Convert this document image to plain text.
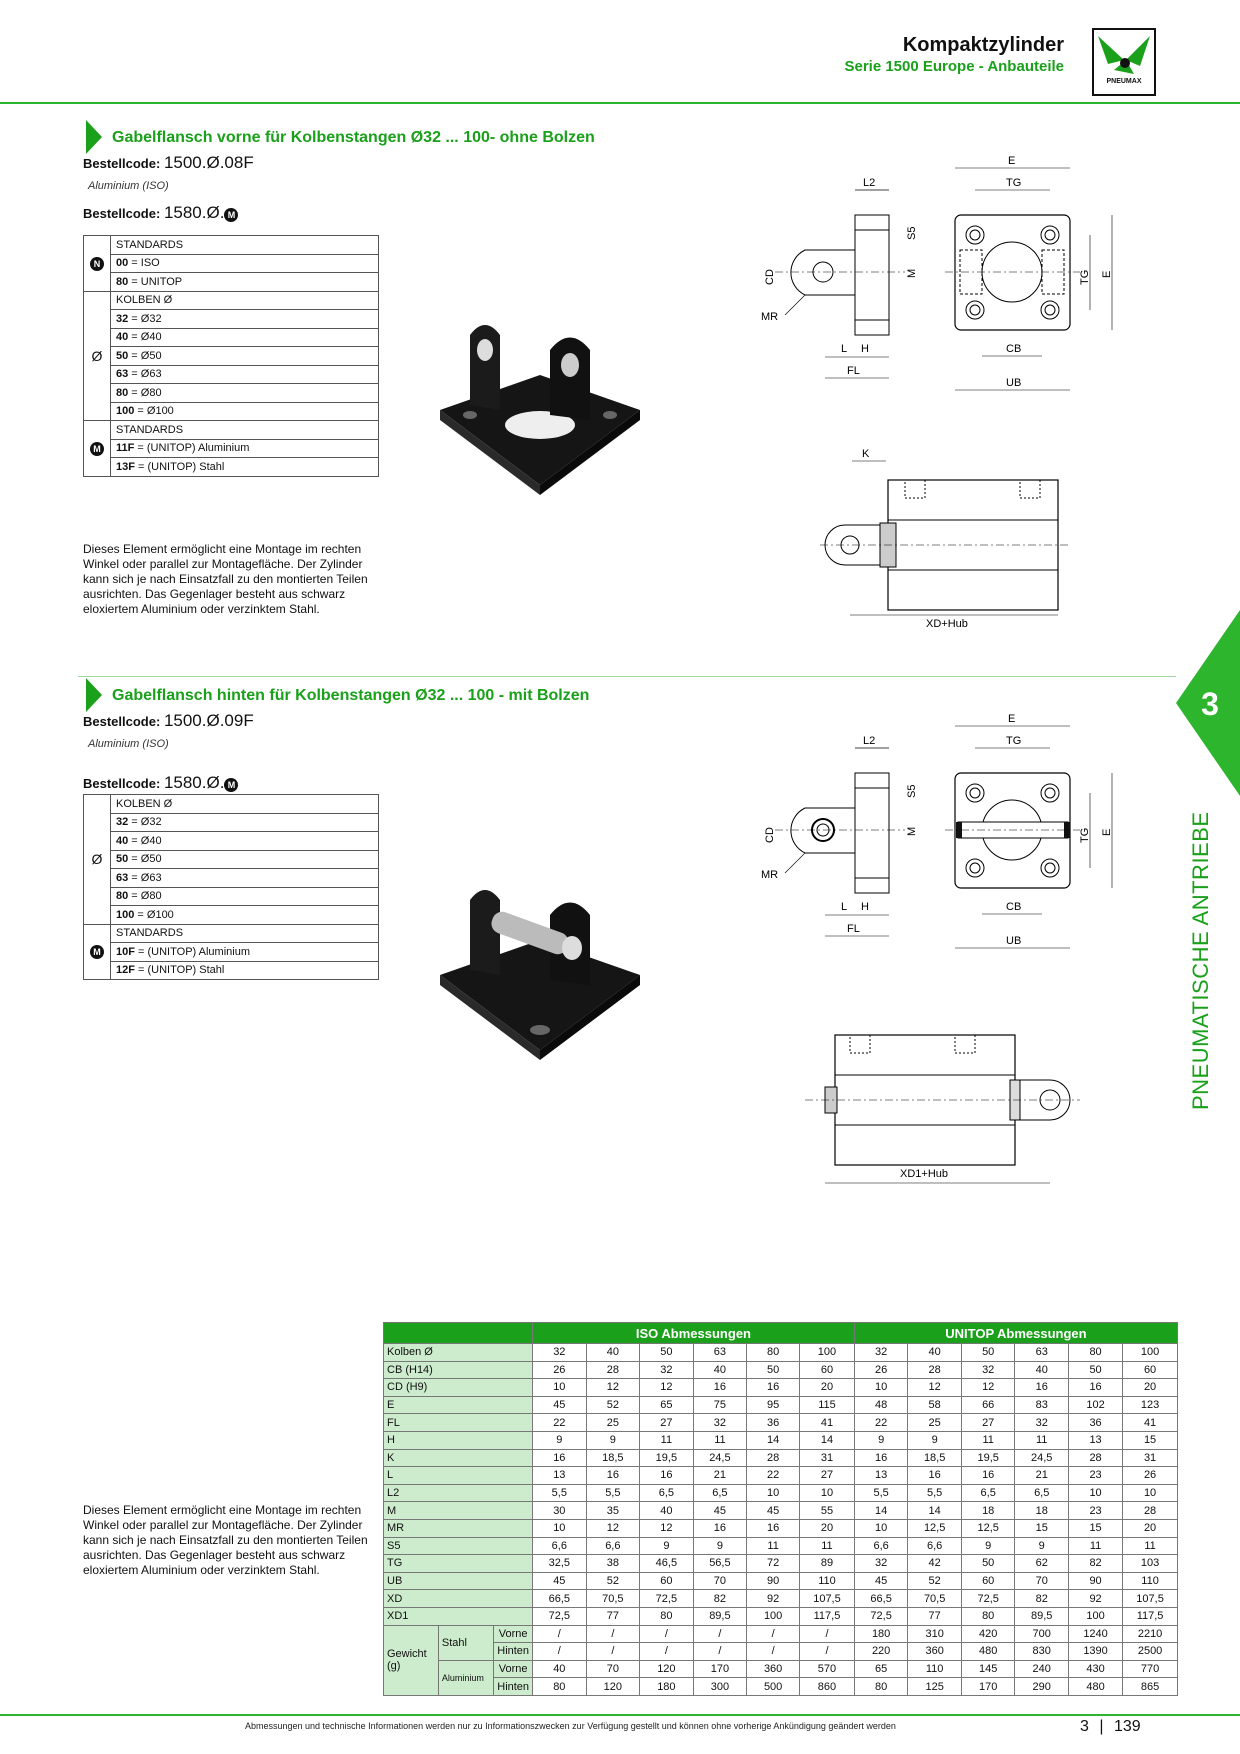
Kompaktzylinder
Serie 1500 Europe - Anbauteile
PNEUMAX
3
PNEUMATISCHE ANTRIEBE
Gabelflansch vorne für Kolbenstangen Ø32 ... 100- ohne Bolzen
Bestellcode: 1500.Ø.08F
Aluminium (ISO)
Bestellcode: 1580.Ø. M
N	STANDARDS
	00 = ISO
	80 = UNITOP
Ø	KOLBEN Ø
	32 = Ø32
	40 = Ø40
	50 = Ø50
	63 = Ø63
	80 = Ø80
	100 = Ø100
M	STANDARDS
	11F = (UNITOP) Aluminium
	13F = (UNITOP) Stahl
Dieses Element ermöglicht eine Montage im rechten Winkel oder parallel zur Montagefläche. Der Zylinder kann sich je nach Einsatzfall zu den montierten Teilen ausrichten. Das Gegenlager besteht aus schwarz eloxiertem Aluminium oder verzinktem Stahl.
L2
CD
S5
M
MR
L H
FL
E
TG
TG E
CB
UB
K
XD+Hub
Gabelflansch hinten für Kolbenstangen Ø32 ... 100 - mit Bolzen
Bestellcode: 1500.Ø.09F
Aluminium (ISO)
Bestellcode: 1580.Ø. M
Ø	KOLBEN Ø
	32 = Ø32
	40 = Ø40
	50 = Ø50
	63 = Ø63
	80 = Ø80
	100 = Ø100
M	STANDARDS
	10F = (UNITOP) Aluminium
	12F = (UNITOP) Stahl
Dieses Element ermöglicht eine Montage im rechten Winkel oder parallel zur Montagefläche. Der Zylinder kann sich je nach Einsatzfall zu den montierten Teilen ausrichten. Das Gegenlager besteht aus schwarz eloxiertem Aluminium oder verzinktem Stahl.
L2
CD
S5
M
MR
L H
FL
E
TG
TG E
CB
UB
XD1+Hub
			ISO Abmessungen						UNITOP Abmessungen					
Kolben Ø			32	40	50	63	80	100	32	40	50	63	80	100
CB (H14)			26	28	32	40	50	60	26	28	32	40	50	60
CD (H9)			10	12	12	16	16	20	10	12	12	16	16	20
E			45	52	65	75	95	115	48	58	66	83	102	123
FL			22	25	27	32	36	41	22	25	27	32	36	41
H			9	9	11	11	14	14	9	9	11	11	13	15
K			16	18,5	19,5	24,5	28	31	16	18,5	19,5	24,5	28	31
L			13	16	16	21	22	27	13	16	16	21	23	26
L2			5,5	5,5	6,5	6,5	10	10	5,5	5,5	6,5	6,5	10	10
M			30	35	40	45	45	55	14	14	18	18	23	28
MR			10	12	12	16	16	20	10	12,5	12,5	15	15	20
S5			6,6	6,6	9	9	11	11	6,6	6,6	9	9	11	11
TG			32,5	38	46,5	56,5	72	89	32	42	50	62	82	103
UB			45	52	60	70	90	110	45	52	60	70	90	110
XD			66,5	70,5	72,5	82	92	107,5	66,5	70,5	72,5	82	92	107,5
XD1			72,5	77	80	89,5	100	117,5	72,5	77	80	89,5	100	117,5
Gewicht (g)	Stahl	Vorne	/	/	/	/	/	/	180	310	420	700	1240	2210
		Hinten	/	/	/	/	/	/	220	360	480	830	1390	2500
	Aluminium	Vorne	40	70	120	170	360	570	65	110	145	240	430	770
		Hinten	80	120	180	300	500	860	80	125	170	290	480	865
Abmessungen und technische Informationen werden nur zu Informationszwecken zur Verfügung gestellt und können ohne vorherige Ankündigung geändert werden	3 | 139
